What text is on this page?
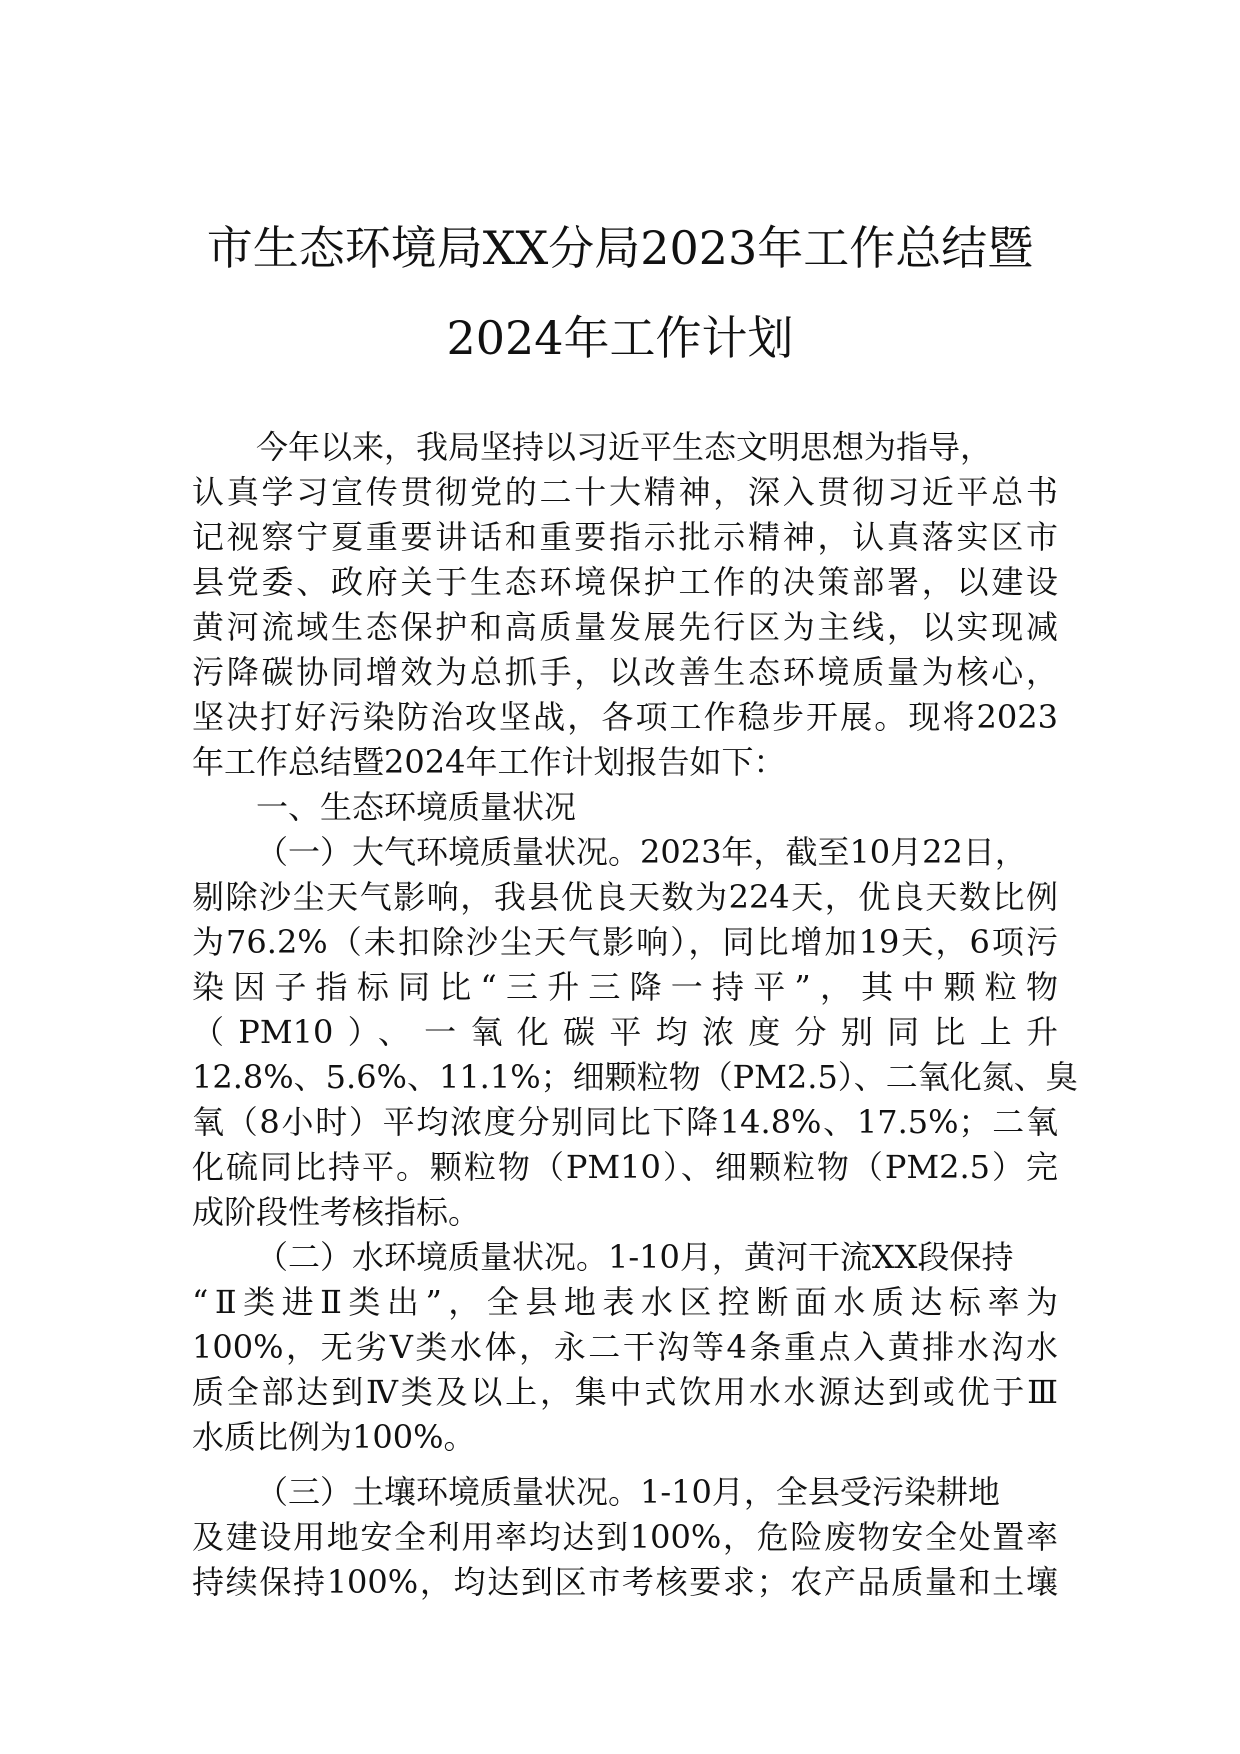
市生态环境局XX分局2023年工作总结暨
2024年工作计划
今年以来，我局坚持以习近平生态文明思想为指导，
认真学习宣传贯彻党的二十大精神，深入贯彻习近平总书
记视察宁夏重要讲话和重要指示批示精神，认真落实区市
县党委、政府关于生态环境保护工作的决策部署，以建设
黄河流域生态保护和高质量发展先行区为主线，以实现减
污降碳协同增效为总抓手，以改善生态环境质量为核心，
坚决打好污染防治攻坚战，各项工作稳步开展。现将2023
年工作总结暨2024年工作计划报告如下：
一、生态环境质量状况
（一）大气环境质量状况。2023年，截至10月22日，
剔除沙尘天气影响，我县优良天数为224天，优良天数比例
为76.2%（未扣除沙尘天气影响），同比增加19天，6项污
染因子指标同比“三升三降一持平”，其中颗粒物
（PM10）、一氧化碳平均浓度分别同比上升
12.8%、5.6%、11.1%；细颗粒物（PM2.5）、二氧化氮、臭
氧（8小时）平均浓度分别同比下降14.8%、17.5%；二氧
化硫同比持平。颗粒物（PM10）、细颗粒物（PM2.5）完
成阶段性考核指标。
（二）水环境质量状况。1-10月，黄河干流XX段保持
“Ⅱ类进Ⅱ类出”，全县地表水区控断面水质达标率为
100%，无劣Ⅴ类水体，永二干沟等4条重点入黄排水沟水
质全部达到Ⅳ类及以上，集中式饮用水水源达到或优于Ⅲ
水质比例为100%。
（三）土壤环境质量状况。1-10月，全县受污染耕地
及建设用地安全利用率均达到100%，危险废物安全处置率
持续保持100%，均达到区市考核要求；农产品质量和土壤
